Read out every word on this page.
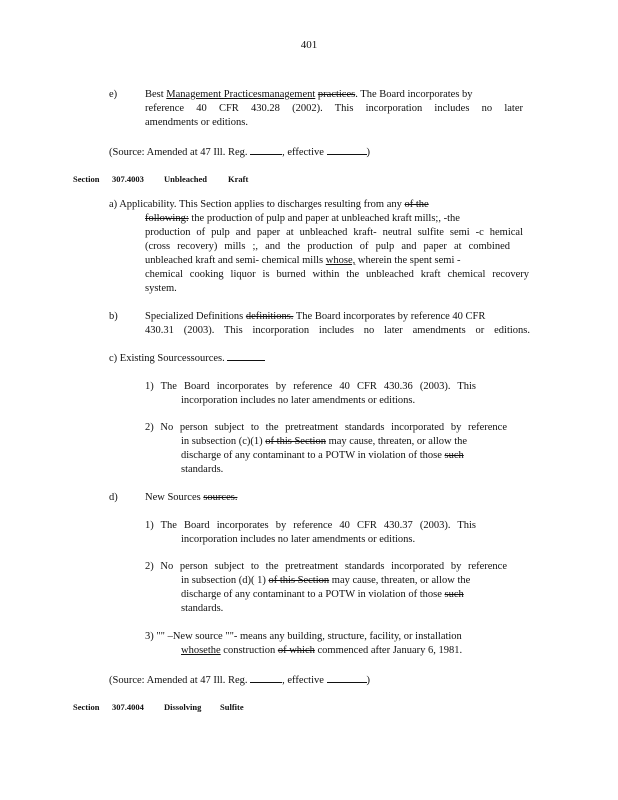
401
e)	Best Management Practicesmanagement practices. The Board incorporates by
reference 40 CFR 430.28 (2002). This incorporation includes no later
amendments or editions.
(Source: Amended at 47 Ill. Reg.	, effective	)
Section 307.4003 Unbleached Kraft
a) Applicability. This Section applies to discharges resulting from any of the
following: the production of pulp and paper at unbleached kraft mills;, -the
production of pulp and paper at unbleached kraft- neutral sulfite semi -c hemical
(cross recovery) mills ;, and the production of pulp and paper at combined
unbleached kraft and semi- chemical mills whose, wherein the spent semi -
chemical cooking liquor is burned within the unbleached kraft chemical recovery
system.
b)	Specialized Definitions definitions. The Board incorporates by reference 40 CFR
430.31 (2003). This incorporation includes no later amendments or editions.
c) Existing Sourcessources.
1) The Board incorporates by reference 40 CFR 430.36 (2003). This
incorporation includes no later amendments or editions.
2) No person subject to the pretreatment standards incorporated by reference
in subsection (c)(1) of this Section may cause, threaten, or allow the
discharge of any contaminant to a POTW in violation of those such
standards.
d)	New Sources sources.
1) The Board incorporates by reference 40 CFR 430.37 (2003). This
incorporation includes no later amendments or editions.
2) No person subject to the pretreatment standards incorporated by reference
in subsection (d)( 1) of this Section may cause, threaten, or allow the
discharge of any contaminant to a POTW in violation of those such
standards.
3) "" –New source ""- means any building, structure, facility, or installation
whosethe construction of which commenced after January 6, 1981.
(Source: Amended at 47 Ill. Reg.	, effective	)
Section 307.4004 Dissolving Sulfite
